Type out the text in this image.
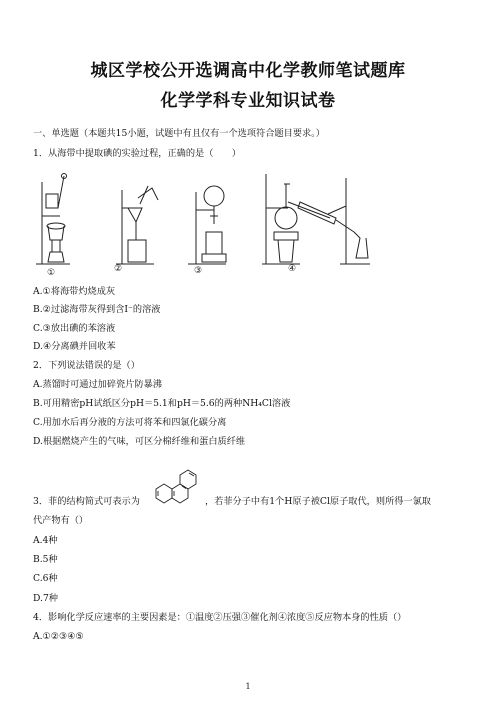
城区学校公开选调高中化学教师笔试题库
化学学科专业知识试卷
一、单选题（本题共15小题，试题中有且仅有一个选项符合题目要求。）
1．从海带中提取碘的实验过程，正确的是（　　）
①	②	③	④
A.①将海带灼烧成灰
B.②过滤海带灰得到含I⁻的溶液
C.③放出碘的苯溶液
D.④分离碘并回收苯
2．下列说法错误的是（）
A.蒸馏时可通过加碎瓷片防暴沸
B.可用精密pH试纸区分pH＝5.1和pH＝5.6的两种NH₄Cl溶液
C.用加水后再分液的方法可将苯和四氯化碳分离
D.根据燃烧产生的气味，可区分棉纤维和蛋白质纤维
3．菲的结构简式可表示为	，若菲分子中有1个H原子被Cl原子取代，则所得一氯取
代产物有（）
A.4种
B.5种
C.6种
D.7种
4．影响化学反应速率的主要因素是：①温度②压强③催化剂④浓度⑤反应物本身的性质（）
A.①②③④⑤
1
